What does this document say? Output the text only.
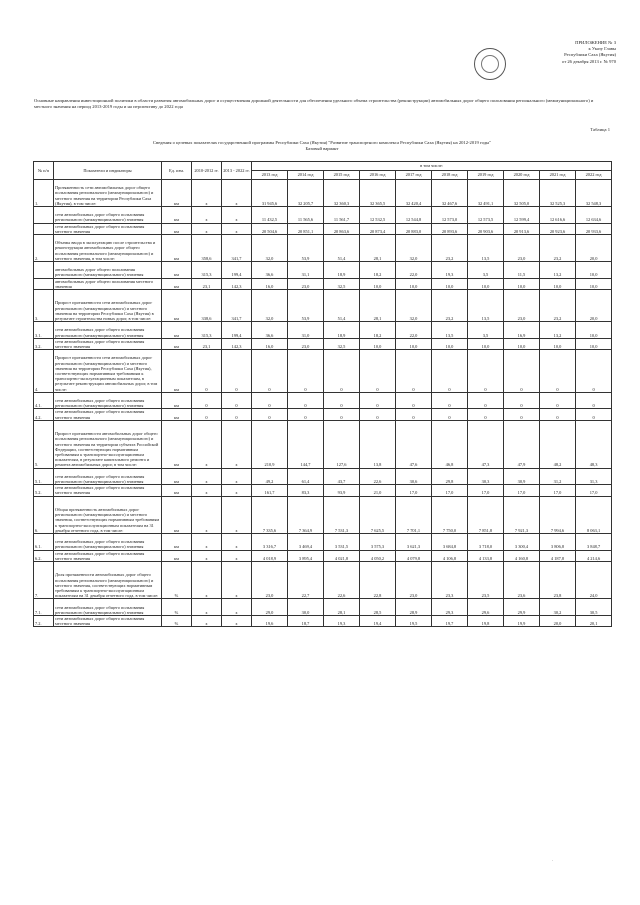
ПРИЛОЖЕНИЕ № 3
к Указу Главы
Республики Саха (Якутия)
от 26 декабря 2013 г. № 970
Основные направления инвестиционной политики в области развития автомобильных дорог и осуществления дорожной деятельности для обеспечения удельного объема строительства (реконструкции) автомобильных дорог общего пользования регионального (межмуниципального) и местного значения на период 2013-2019 годы и на перспективу до 2022 года
Таблица 1
Сведения о целевых показателях государственной программы Республики Саха (Якутия) "Развитие транспортного комплекса Республики Саха (Якутия) на 2012-2019 годы"
Базовый вариант
№ п/п	Показатели и индикаторы	Ед. изм.	2010-2012 гг.	2013 - 2022 гг.	в том числе:									
					2013 год	2014 год	2015 год	2016 год	2017 год	2018 год	2019 год	2020 год	2021 год	2022 год
1.	Протяженность сети автомобильных дорог общего пользования регионального (межмуниципального) и местного значения на территории Республики Саха (Якутия), в том числе:	км	х	х	31 945,6	32 205,7	32 360,3	32 365,5	32 420,4	32 467,6	32 491,1	32 505,0	32 525,3	32 548,3
	сети автомобильных дорог общего пользования регионального (межмуниципального) значения	км	х	х	11 432,5	11 565,6	11 561,7	12 532,5	12 544,8	12 573,0	12 573,5	12 599,4	12 616,6	12 634,6
	сети автомобильных дорог общего пользования местного значения	км	х	х	20 504,6	20 851,1	20 863,6	20 873,4	20 883,0	20 893,6	20 903,6	20 913,6	20 923,6	20 933,6
2.	Объемы ввода в эксплуатацию после строительства и реконструкции автомобильных дорог общего пользования регионального (межмуниципального) и местного значения, в том числе:	км	358,6	341,7	32,0	53,9	51,4	28,1	32,0	23,2	13,5	23,0	23,2	20,0
	автомобильных дорог общего пользования регионального (межмуниципального) значения	км	315,3	199,4	36,6	31,1	18,9	18,2	22,0	19,3	3,5	11,5	13,2	10,0
	автомобильных дорог общего пользования местного значения	км	23,1	142,3	16,0	23,0	32,5	10,0	10,0	10,0	10,0	10,0	10,0	10,0
3.	Прирост протяженности сети автомобильных дорог регионального (межмуниципального) и местного значения на территории Республики Саха (Якутия) в результате строительства новых дорог, в том числе:	км	338,6	341,7	32,0	53,9	51,4	28,1	32,0	23,2	13,5	23,0	23,2	20,0
3.1.	сети автомобильных дорог общего пользования регионального (межмуниципального) значения	км	315,3	199,4	36,6	31,0	18,9	18,2	22,0	13,5	3,5	16,9	13,2	10,0
3.2.	сети автомобильных дорог общего пользования местного значения	км	23,1	142,3	16,0	23,0	32,5	10,0	10,0	10,0	10,0	10,0	10,0	10,0
4.	Прирост протяженности сети автомобильных дорог регионального (межмуниципального) и местного значения на территории Республики Саха (Якутия), соответствующих нормативным требованиям к транспортно-эксплуатационным показателям, в результате реконструкции автомобильных дорог, в том числе:	км	0	0	0	0	0	0	0	0	0	0	0	0
4.1.	сети автомобильных дорог общего пользования регионального (межмуниципального) значения	км	0	0	0	0	0	0	0	0	0	0	0	0
4.2.	сети автомобильных дорог общего пользования местного значения	км	0	0	0	0	0	0	0	0	0	0	0	0
5.	Прирост протяженности автомобильных дорог общего пользования регионального (межмуниципального) и местного значения на территории субъекта Российской Федерации, соответствующих нормативным требованиям к транспортно-эксплуатационным показателям, в результате капитального ремонта и ремонта автомобильных дорог, в том числе:	км	х	х	210,9	144,7	127,6	13,8	47,6	46,8	47,3	47,9	48,2	48,3
5.1.	сети автомобильных дорог общего пользования регионального (межмуниципального) значения	км	х	х	49,2	61,4	43,7	22,6	30,6	29,8	30,3	30,9	31,2	31,3
5.2.	сети автомобильных дорог общего пользования местного значения	км	х	х	161,7	83,3	93,9	21,0	17,0	17,0	17,0	17,0	17,0	17,0
6.	Общая протяженность автомобильных дорог регионального (межмуниципального) и местного значения, соответствующих нормативным требованиям к транспортно-эксплуатационным показателям на 31 декабря отчетного года, в том числе:	км	х	х	7 335,6	7 364,9	7 531,3	7 625,5	7 701,1	7 750,0	7 851,8	7 921,3	7 994,6	8 063,1
6.1.	сети автомобильных дорог общего пользования регионального (межмуниципального) значения	км	х	х	3 316,7	3 469,4	3 531,5	3 575,3	3 621,3	3 684,8	3 718,0	3 300,4	3 806,8	3 848,7
6.2.	сети автомобильных дорог общего пользования местного значения	км	х	х	4 018,9	3 895,4	4 021,8	4 050,2	4 079,8	4 106,8	4 133,8	4 160,8	4 187,8	4 214,6
7.	Доля протяженности автомобильных дорог общего пользования регионального (межмуниципального) и местного значения, соответствующих нормативным требованиям к транспортно-эксплуатационным показателям на 31 декабря отчетного года, в том числе:	%	х	х	23,0	22,7	22,6	22,8	23,0	23,3	23,5	23,6	23,8	24,0
7.1.	сети автомобильных дорог общего пользования регионального (межмуниципального) значения	%	х	х	29,0	30,0	28,1	28,5	28,9	29,3	29,6	29,9	30,2	30,5
7.2.	сети автомобильных дорог общего пользования местного значения	%	х	х	19,6	18,7	19,3	19,4	19,5	19,7	19,8	19,9	20,0	20,1
.
